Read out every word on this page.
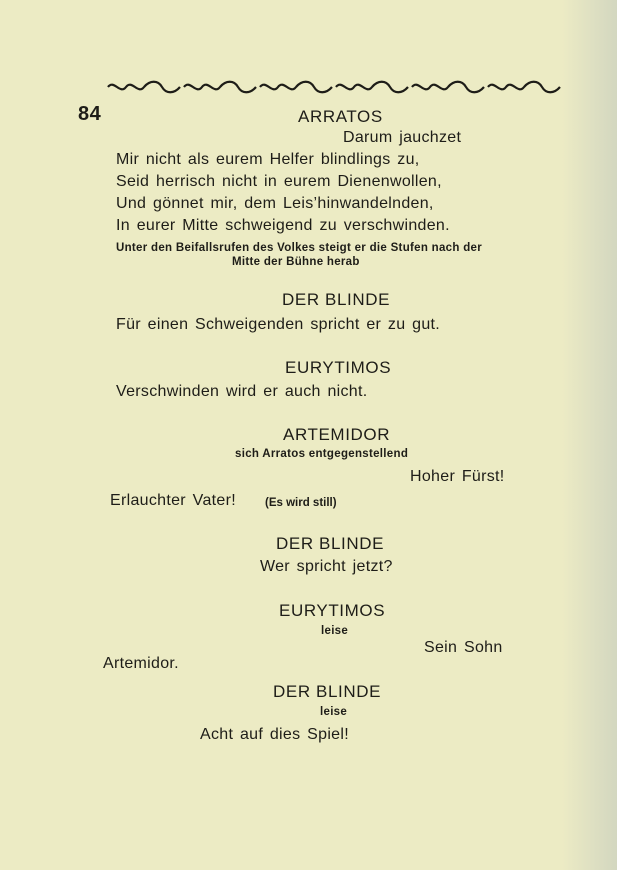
84	ARRATOS
Darum jauchzet
Mir nicht als eurem Helfer blindlings zu,
Seid herrisch nicht in eurem Dienenwollen,
Und gönnet mir, dem Leis’hinwandelnden,
In eurer Mitte schweigend zu verschwinden.
Unter den Beifallsrufen des Volkes steigt er die Stufen nach der
Mitte der Bühne herab
DER BLINDE
Für einen Schweigenden spricht er zu gut.
EURYTIMOS
Verschwinden wird er auch nicht.
ARTEMIDOR
sich Arratos entgegenstellend
Hoher Fürst!
Erlauchter Vater!	(Es wird still)
DER BLINDE
Wer spricht jetzt?
EURYTIMOS
leise
Sein Sohn
Artemidor.
DER BLINDE
leise
Acht auf dies Spiel!
